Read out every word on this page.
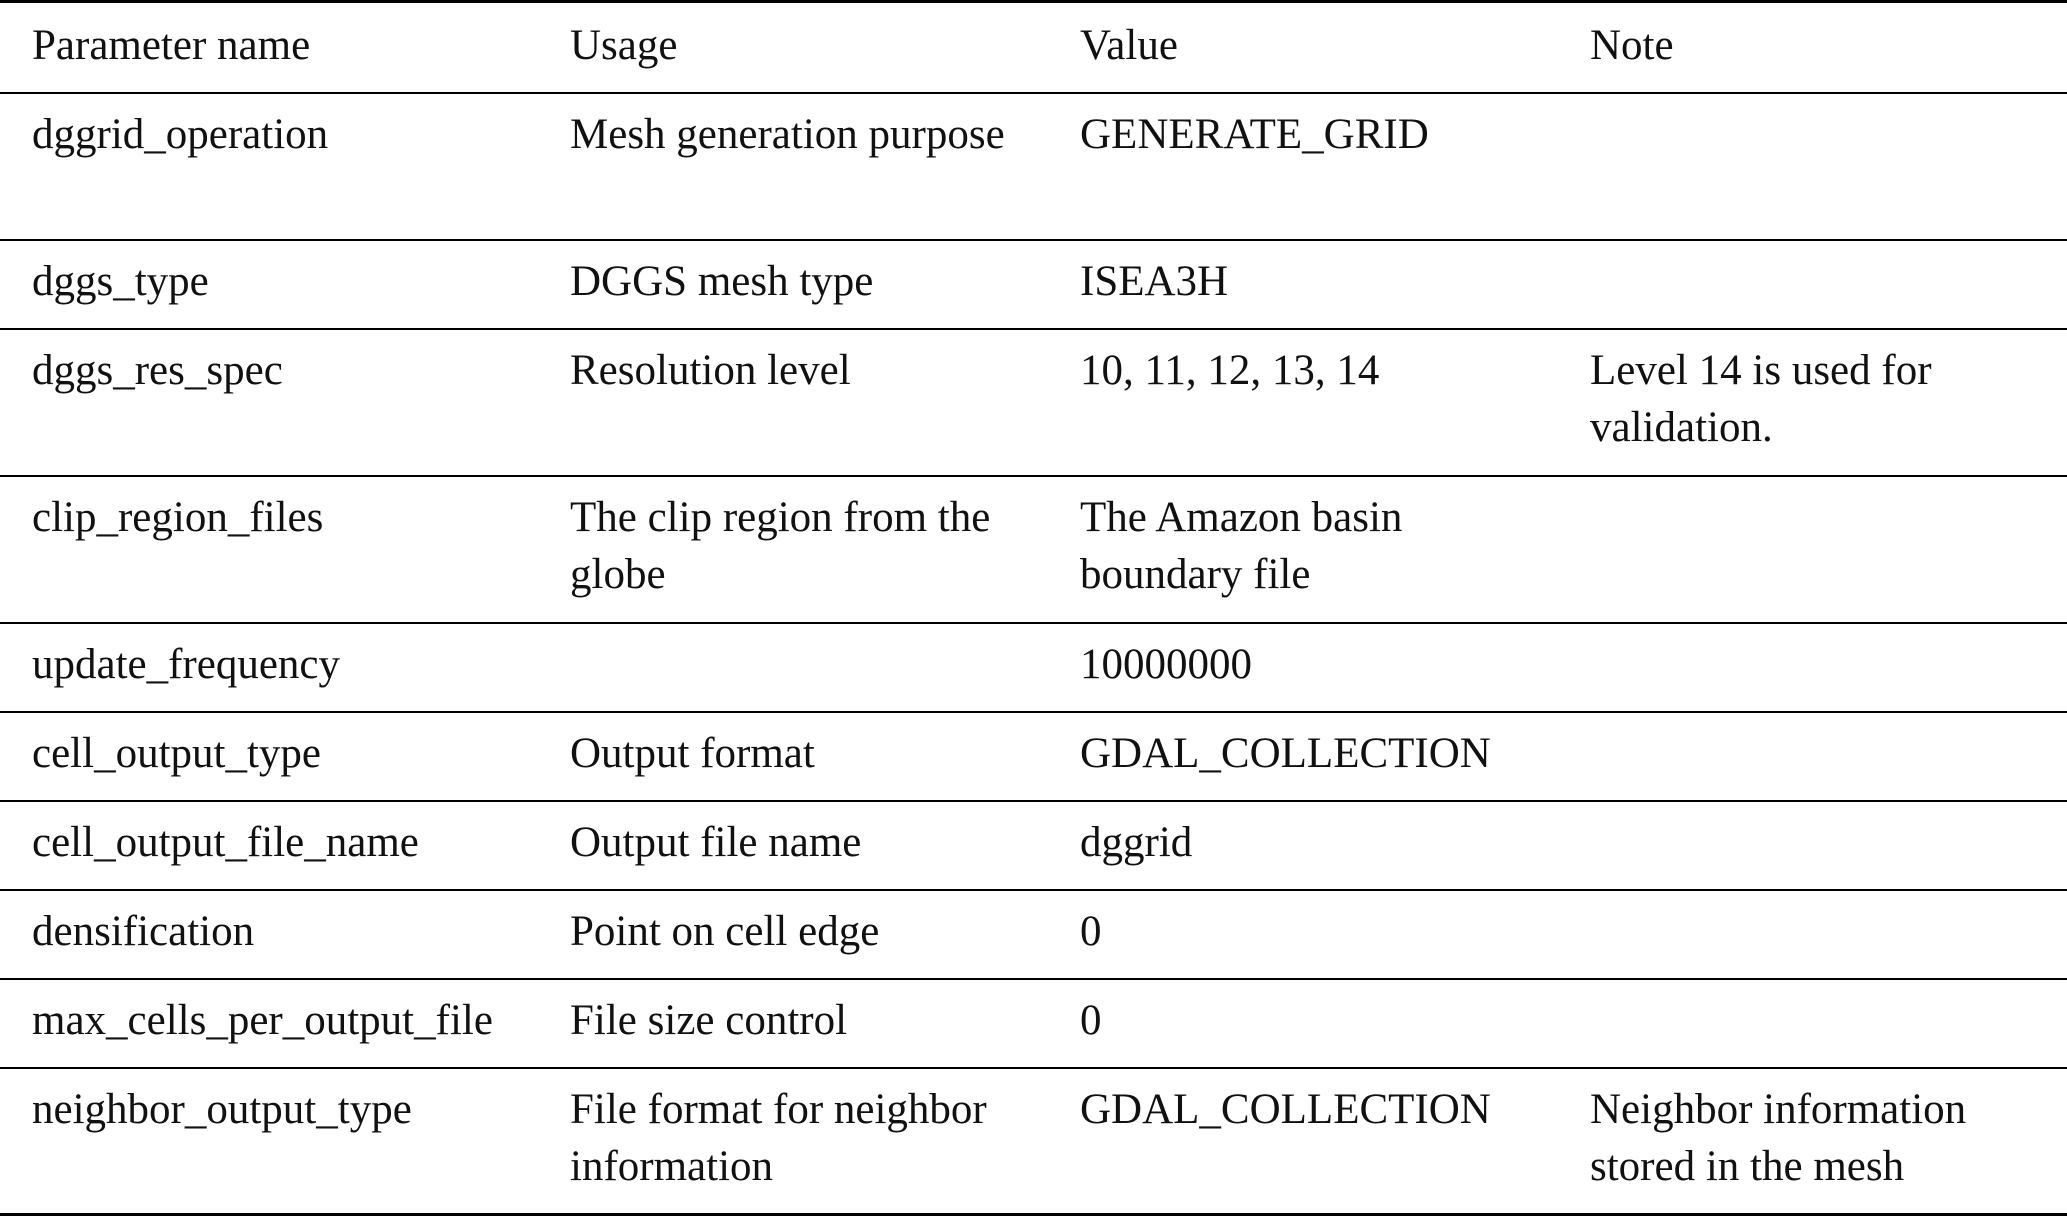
Parameter name	Usage	Value	Note
dggrid_operation	Mesh generation purpose	GENERATE_GRID	
dggs_type	DGGS mesh type	ISEA3H	
dggs_res_spec	Resolution level	10, 11, 12, 13, 14	Level 14 is used for validation.
clip_region_files	The clip region from the globe	The Amazon basin boundary file	
update_frequency		10000000	
cell_output_type	Output format	GDAL_COLLECTION	
cell_output_file_name	Output file name	dggrid	
densification	Point on cell edge	0	
max_cells_per_output_file	File size control	0	
neighbor_output_type	File format for neighbor information	GDAL_COLLECTION	Neighbor information stored in the mesh
